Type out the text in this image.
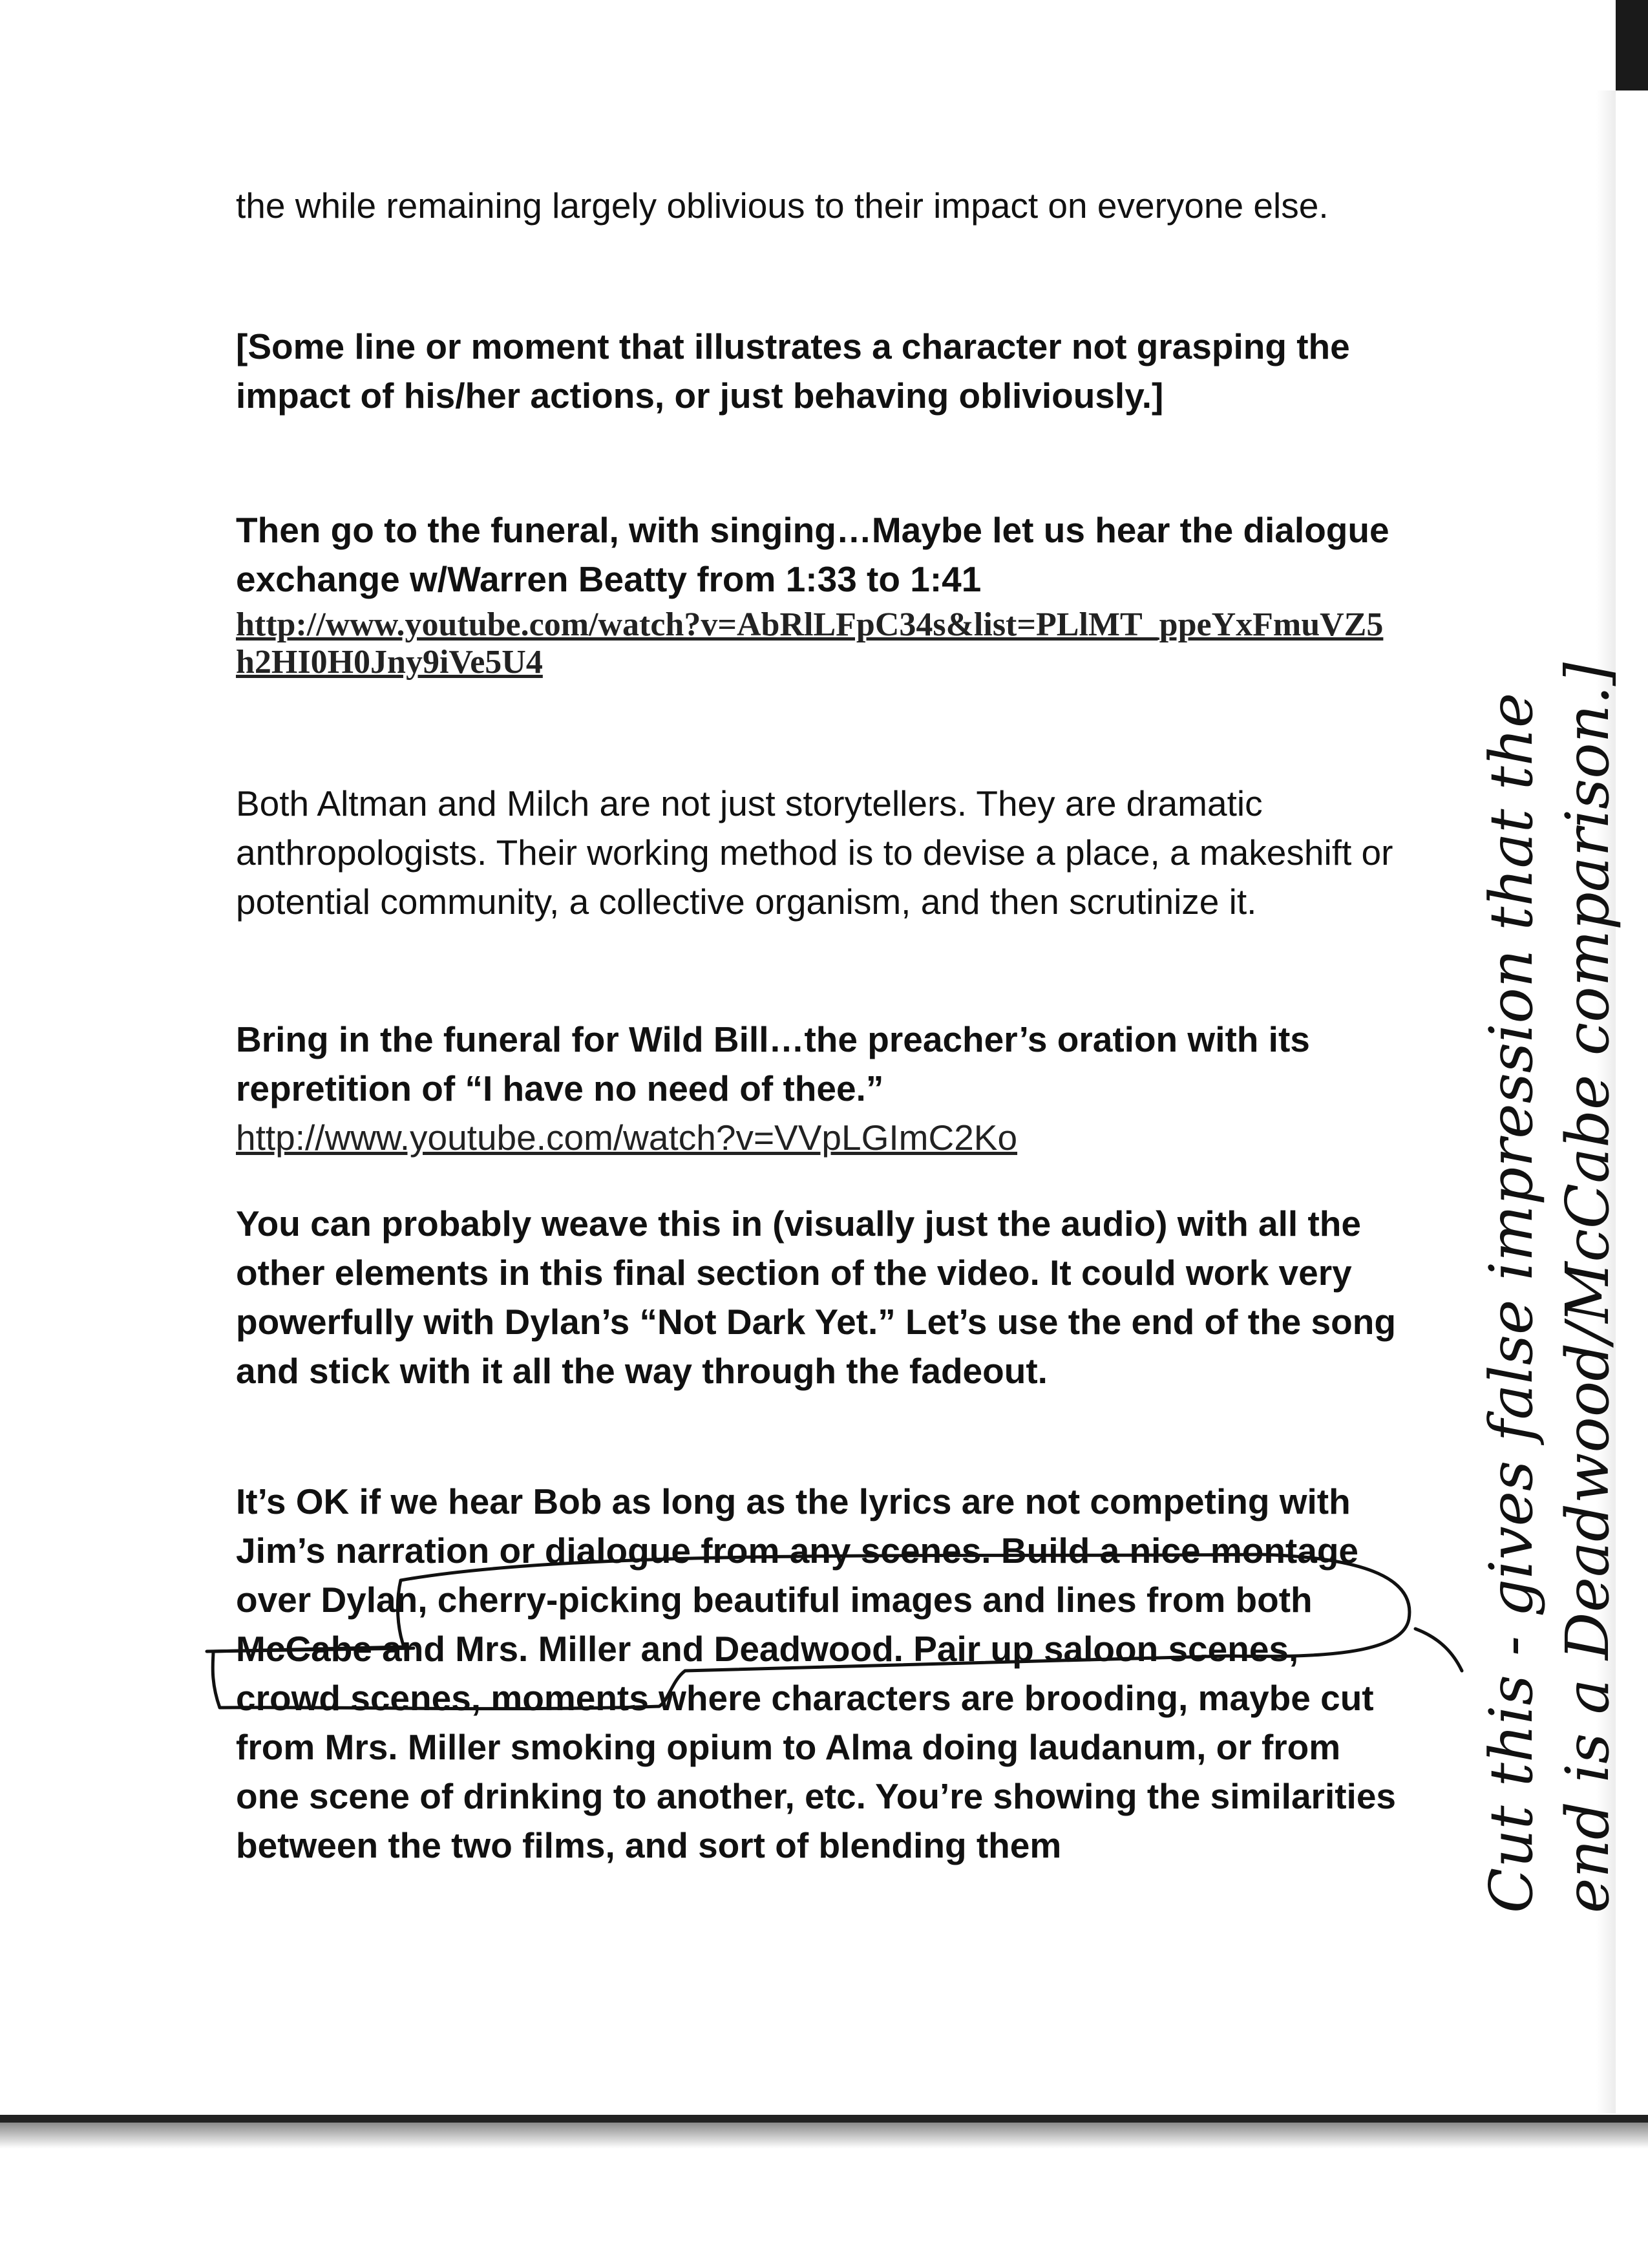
the while remaining largely oblivious to their impact on everyone else.
[Some line or moment that illustrates a character not grasping the impact of his/her actions, or just behaving obliviously.]
Then go to the funeral, with singing…Maybe let us hear the dialogue exchange w/Warren Beatty from 1:33 to 1:41
http://www.youtube.com/watch?v=AbRlLFpC34s&list=PLlMT_ppeYxFmuVZ5h2HI0H0Jny9iVe5U4
Both Altman and Milch are not just storytellers. They are dramatic anthropologists. Their working method is to devise a place, a makeshift or potential community, a collective organism, and then scrutinize it.
Bring in the funeral for Wild Bill…the preacher’s oration with its repretition of “I have no need of thee.”
http://www.youtube.com/watch?v=VVpLGImC2Ko
You can probably weave this in (visually just the audio) with all the other elements in this final section of the video. It could work very powerfully with Dylan’s “Not Dark Yet.” Let’s use the end of the song and stick with it all the way through the fadeout.
It’s OK if we hear Bob as long as the lyrics are not competing with Jim’s narration or dialogue from any scenes. Build a nice montage over Dylan, cherry-picking beautiful images and lines from both McCabe and Mrs. Miller and Deadwood. Pair up saloon scenes, crowd scenes, moments where characters are brooding, maybe cut from Mrs. Miller smoking opium to Alma doing laudanum, or from one scene of drinking to another, etc. You’re showing the similarities between the two films, and sort of blending them	Cut this - gives false impression that the end is a Deadwood/McCabe comparison.]
